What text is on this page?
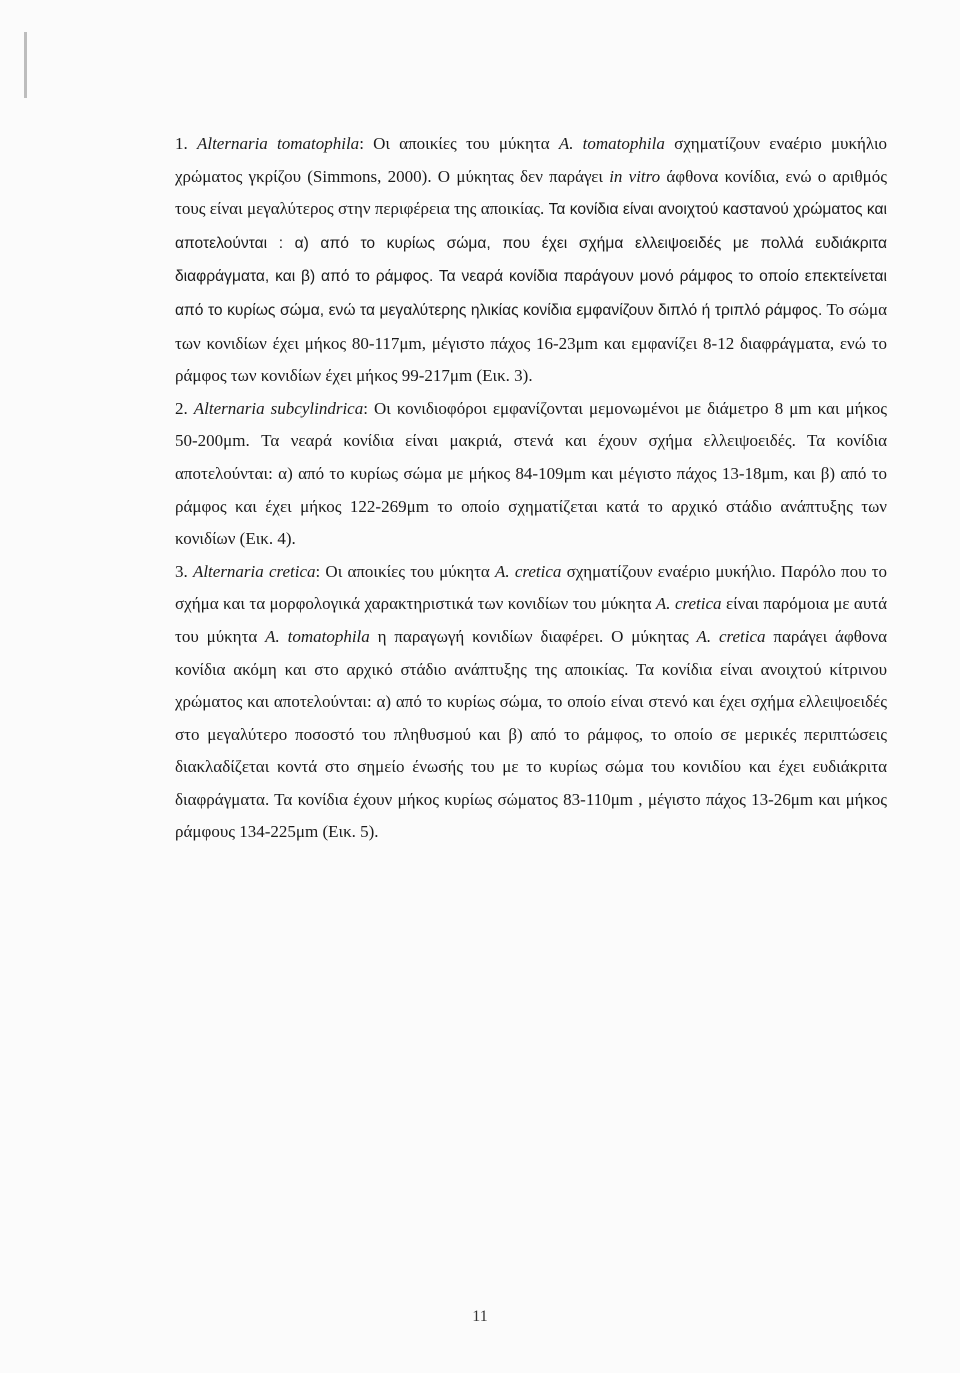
1. Alternaria tomatophila: Οι αποικίες του μύκητα A. tomatophila σχηματίζουν εναέριο μυκήλιο χρώματος γκρίζου (Simmons, 2000). Ο μύκητας δεν παράγει in vitro άφθονα κονίδια, ενώ ο αριθμός τους είναι μεγαλύτερος στην περιφέρεια της αποικίας. Τα κονίδια είναι ανοιχτού καστανού χρώματος και αποτελούνται : α) από το κυρίως σώμα, που έχει σχήμα ελλειψοειδές με πολλά ευδιάκριτα διαφράγματα, και β) από το ράμφος. Τα νεαρά κονίδια παράγουν μονό ράμφος το οποίο επεκτείνεται από το κυρίως σώμα, ενώ τα μεγαλύτερης ηλικίας κονίδια εμφανίζουν διπλό ή τριπλό ράμφος. Το σώμα των κονιδίων έχει μήκος 80-117μm, μέγιστο πάχος 16-23μm και εμφανίζει 8-12 διαφράγματα, ενώ το ράμφος των κονιδίων έχει μήκος 99-217μm (Εικ. 3).

2. Alternaria subcylindrica: Οι κονιδιοφόροι εμφανίζονται μεμονωμένοι με διάμετρο 8 μm και μήκος 50-200μm. Τα νεαρά κονίδια είναι μακριά, στενά και έχουν σχήμα ελλειψοειδές. Τα κονίδια αποτελούνται: α) από το κυρίως σώμα με μήκος 84-109μm και μέγιστο πάχος 13-18μm, και β) από το ράμφος και έχει μήκος 122-269μm το οποίο σχηματίζεται κατά το αρχικό στάδιο ανάπτυξης των κονιδίων (Εικ. 4).

3. Alternaria cretica: Οι αποικίες του μύκητα A. cretica σχηματίζουν εναέριο μυκήλιο. Παρόλο που το σχήμα και τα μορφολογικά χαρακτηριστικά των κονιδίων του μύκητα A. cretica είναι παρόμοια με αυτά του μύκητα A. tomatophila η παραγωγή κονιδίων διαφέρει. Ο μύκητας A. cretica παράγει άφθονα κονίδια ακόμη και στο αρχικό στάδιο ανάπτυξης της αποικίας. Τα κονίδια είναι ανοιχτού κίτρινου χρώματος και αποτελούνται: α) από το κυρίως σώμα, το οποίο είναι στενό και έχει σχήμα ελλειψοειδές στο μεγαλύτερο ποσοστό του πληθυσμού και β) από το ράμφος, το οποίο σε μερικές περιπτώσεις διακλαδίζεται κοντά στο σημείο ένωσής του με το κυρίως σώμα του κονιδίου και έχει ευδιάκριτα διαφράγματα. Τα κονίδια έχουν μήκος κυρίως σώματος 83-110μm , μέγιστο πάχος 13-26μm και μήκος ράμφους 134-225μm (Εικ. 5).

11
